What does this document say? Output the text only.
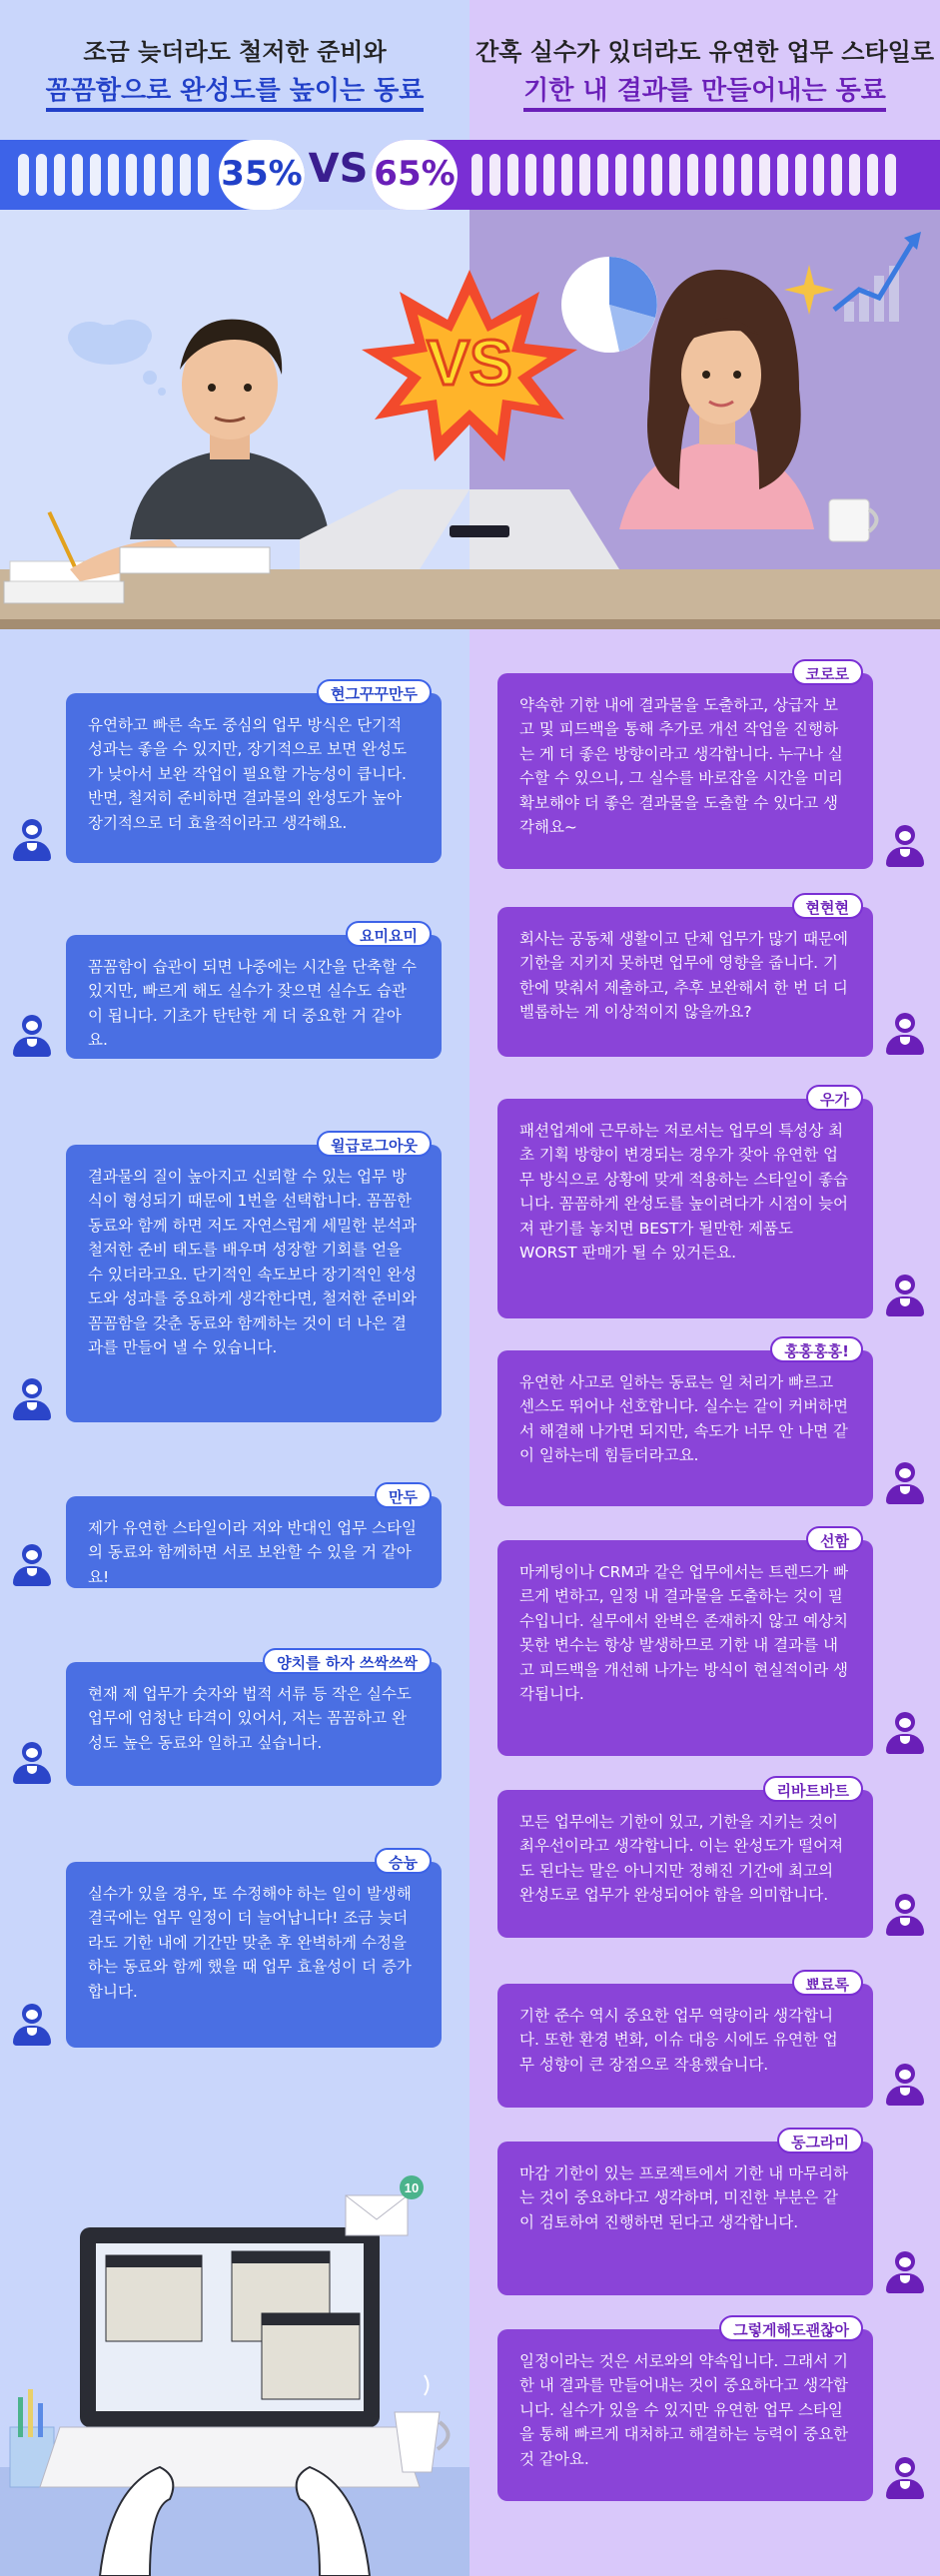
조금 늦더라도 철저한 준비와
꼼꼼함으로 완성도를 높이는 동료
간혹 실수가 있더라도 유연한 업무 스타일로
기한 내 결과를 만들어내는 동료
35% VS 65%
VS
현그꾸꾸만두
유연하고 빠른 속도 중심의 업무 방식은 단기적 성과는 좋을 수 있지만, 장기적으로 보면 완성도가 낮아서 보완 작업이 필요할 가능성이 큽니다. 반면, 철저히 준비하면 결과물의 완성도가 높아 장기적으로 더 효율적이라고 생각해요.
요미요미
꼼꼼함이 습관이 되면 나중에는 시간을 단축할 수 있지만, 빠르게 해도 실수가 잦으면 실수도 습관이 됩니다. 기초가 탄탄한 게 더 중요한 거 같아요.
윌급로그아웃
결과물의 질이 높아지고 신뢰할 수 있는 업무 방식이 형성되기 때문에 1번을 선택합니다. 꼼꼼한 동료와 함께 하면 저도 자연스럽게 세밀한 분석과 철저한 준비 태도를 배우며 성장할 기회를 얻을 수 있더라고요. 단기적인 속도보다 장기적인 완성도와 성과를 중요하게 생각한다면, 철저한 준비와 꼼꼼함을 갖춘 동료와 함께하는 것이 더 나은 결과를 만들어 낼 수 있습니다.
만두
제가 유연한 스타일이라 저와 반대인 업무 스타일의 동료와 함께하면 서로 보완할 수 있을 거 같아요!
양치를 하자 쓰싹쓰싹
현재 제 업무가 숫자와 법적 서류 등 작은 실수도 업무에 엄청난 타격이 있어서, 저는 꼼꼼하고 완성도 높은 동료와 일하고 싶습니다.
승늉
실수가 있을 경우, 또 수정해야 하는 일이 발생해 결국에는 업무 일정이 더 늘어납니다! 조금 늦더라도 기한 내에 기간만 맞춘 후 완벽하게 수정을 하는 동료와 함께 했을 때 업무 효율성이 더 증가합니다.
코로로
약속한 기한 내에 결과물을 도출하고, 상급자 보고 및 피드백을 통해 추가로 개선 작업을 진행하는 게 더 좋은 방향이라고 생각합니다. 누구나 실수할 수 있으니, 그 실수를 바로잡을 시간을 미리 확보해야 더 좋은 결과물을 도출할 수 있다고 생각해요~
현현현
회사는 공동체 생활이고 단체 업무가 많기 때문에 기한을 지키지 못하면 업무에 영향을 줍니다. 기한에 맞춰서 제출하고, 추후 보완해서 한 번 더 디벨롭하는 게 이상적이지 않을까요?
우가
패션업계에 근무하는 저로서는 업무의 특성상 최초 기획 방향이 변경되는 경우가 잦아 유연한 업무 방식으로 상황에 맞게 적용하는 스타일이 좋습니다. 꼼꼼하게 완성도를 높이려다가 시점이 늦어져 판기를 놓치면 BEST가 될만한 제품도 WORST 판매가 될 수 있거든요.
홍홍홍홍!
유연한 사고로 일하는 동료는 일 처리가 빠르고 센스도 뛰어나 선호합니다. 실수는 같이 커버하면서 해결해 나가면 되지만, 속도가 너무 안 나면 같이 일하는데 힘들더라고요.
선함
마케팅이나 CRM과 같은 업무에서는 트렌드가 빠르게 변하고, 일정 내 결과물을 도출하는 것이 필수입니다. 실무에서 완벽은 존재하지 않고 예상치 못한 변수는 항상 발생하므로 기한 내 결과를 내고 피드백을 개선해 나가는 방식이 현실적이라 생각됩니다.
리바트바트
모든 업무에는 기한이 있고, 기한을 지키는 것이 최우선이라고 생각합니다. 이는 완성도가 떨어져도 된다는 말은 아니지만 정해진 기간에 최고의 완성도로 업무가 완성되어야 함을 의미합니다.
뾰료록
기한 준수 역시 중요한 업무 역량이라 생각합니다. 또한 환경 변화, 이슈 대응 시에도 유연한 업무 성향이 큰 장점으로 작용했습니다.
동그라미
마감 기한이 있는 프로젝트에서 기한 내 마무리하는 것이 중요하다고 생각하며, 미진한 부분은 같이 검토하여 진행하면 된다고 생각합니다.
그렇게해도괜찮아
일정이라는 것은 서로와의 약속입니다. 그래서 기한 내 결과를 만들어내는 것이 중요하다고 생각합니다. 실수가 있을 수 있지만 유연한 업무 스타일을 통해 빠르게 대처하고 해결하는 능력이 중요한 것 같아요.
10
